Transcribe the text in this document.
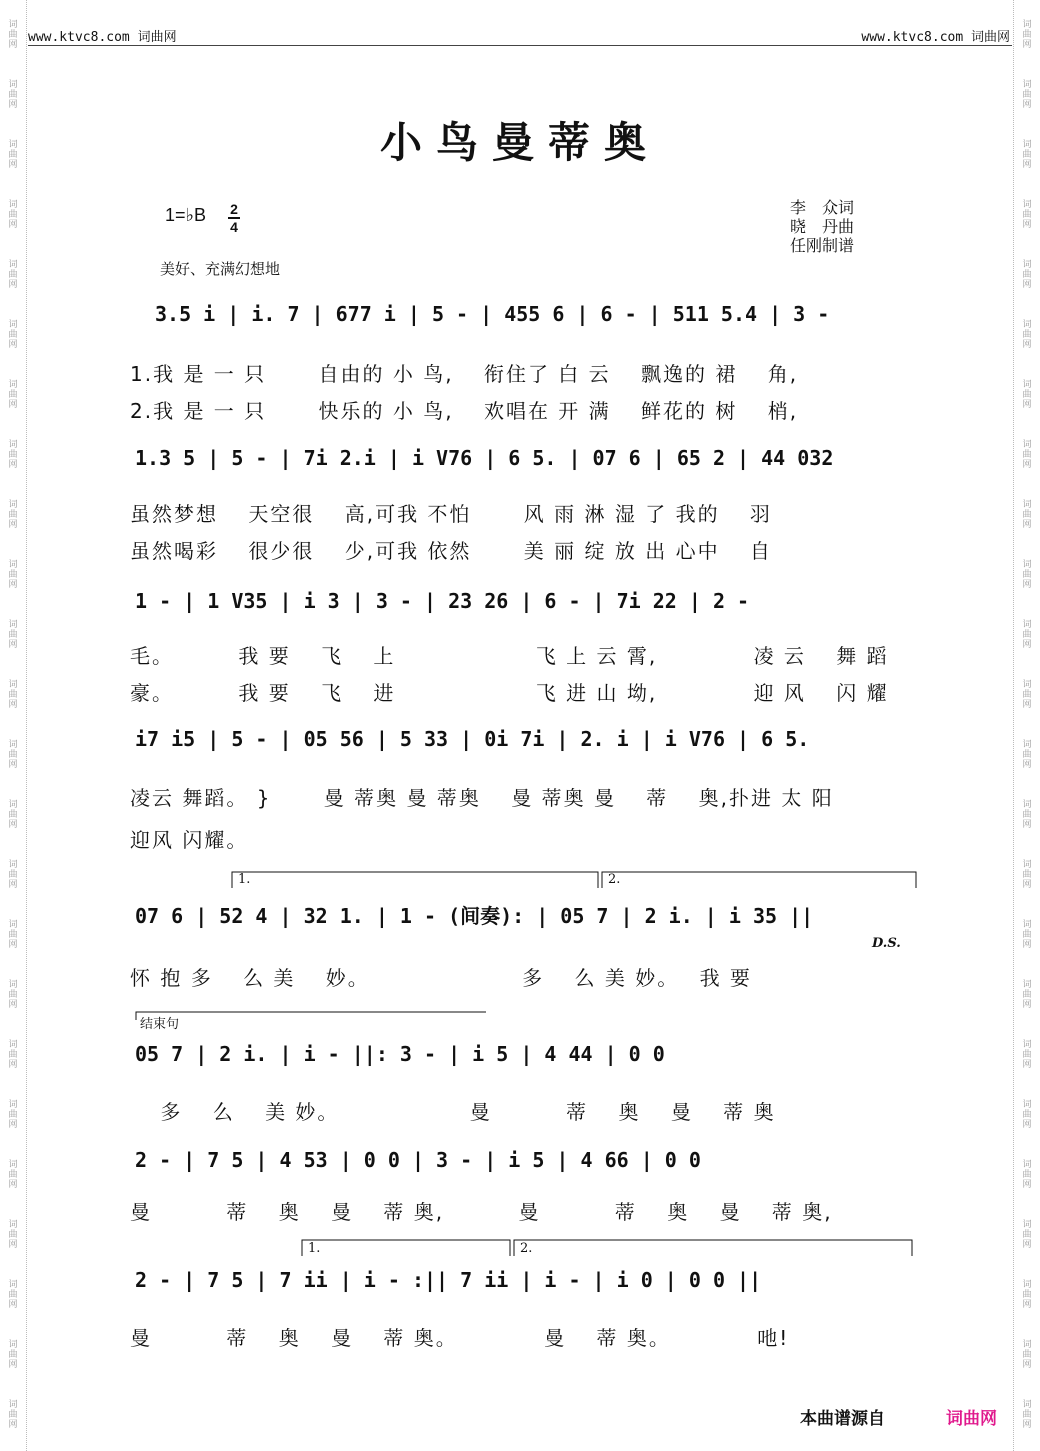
词
曲
网
词
曲
网
词
曲
网
词
曲
网
词
曲
网
词
曲
网
词
曲
网
词
曲
网
词
曲
网
词
曲
网
词
曲
网
词
曲
网
词
曲
网
词
曲
网
词
曲
网
词
曲
网
词
曲
网
词
曲
网
词
曲
网
词
曲
网
词
曲
网
词
曲
网
词
曲
网
词
曲
网
词
曲
网
词
曲
网
词
曲
网
词
曲
网
词
曲
网
词
曲
网
词
曲
网
词
曲
网
词
曲
网
词
曲
网
词
曲
网
词
曲
网
词
曲
网
词
曲
网
词
曲
网
词
曲
网
词
曲
网
词
曲
网
词
曲
网
词
曲
网
词
曲
网
词
曲
网
词
曲
网
词
曲
网
www.ktvc8.com 词曲网	www.ktvc8.com 词曲网
小鸟曼蒂奥
1=♭B 2
4
李　众词
晓　丹曲
任刚制谱
美好、充满幻想地
3.5 i | i. 7 | 677 i | 5 - | 455 6 | 6 - | 511 5.4 | 3 -
1.我 是 一 只　　 自由的 小 鸟,　 衔住了 白 云　 飘逸的 裙　 角,
2.我 是 一 只　　 快乐的 小 鸟,　 欢唱在 开 满　 鲜花的 树　 梢,
1.3 5 | 5 - | 7i 2.i | i V76 | 6 5. | 07 6 | 65 2 | 44 032
虽然梦想　 天空很　 高,可我 不怕　　 风 雨 淋 湿 了 我的　 羽
虽然喝彩　 很少很　 少,可我 依然　　 美 丽 绽 放 出 心中　 自
1 - | 1 V35 | i 3 | 3 - | 23 26 | 6 - | 7i 22 | 2 -
毛。　　　 我 要　 飞　 上　　　　　　 飞 上 云 霄,　　　　 凌 云　 舞 蹈
豪。　　　 我 要　 飞　 进　　　　　　 飞 进 山 坳,　　　　 迎 风　 闪 耀
i7 i5 | 5 - | 05 56 | 5 33 | 0i 7i | 2. i | i V76 | 6 5.
凌云 舞蹈。 }　　 曼 蒂奥 曼 蒂奥　 曼 蒂奥 曼　 蒂　 奥,扑进 太 阳
迎风 闪耀。
1.	2.
07 6 | 52 4 | 32 1. | 1 - (间奏): | 05 7 | 2 i. | i 35 ||
D.S.
怀 抱 多　 么 美　 妙。　　　　　　　 多　 么 美 妙。　 我 要
结束句
05 7 | 2 i. | i - ||: 3 - | i 5 | 4 44 | 0 0
　 多　 么　 美 妙。　　　　　　 曼　　　 蒂　 奥　 曼　 蒂 奥
2 - | 7 5 | 4 53 | 0 0 | 3 - | i 5 | 4 66 | 0 0
曼　　　 蒂　 奥　 曼　 蒂 奥,　　　 曼　　　 蒂　 奥　 曼　 蒂 奥,
1.	2.
2 - | 7 5 | 7 ii | i - :|| 7 ii | i - | i 0 | 0 0 ||
曼　　　 蒂　 奥　 曼　 蒂 奥。　　　　 曼　 蒂 奥。　　　　 吔!
本曲谱源自	词曲网
